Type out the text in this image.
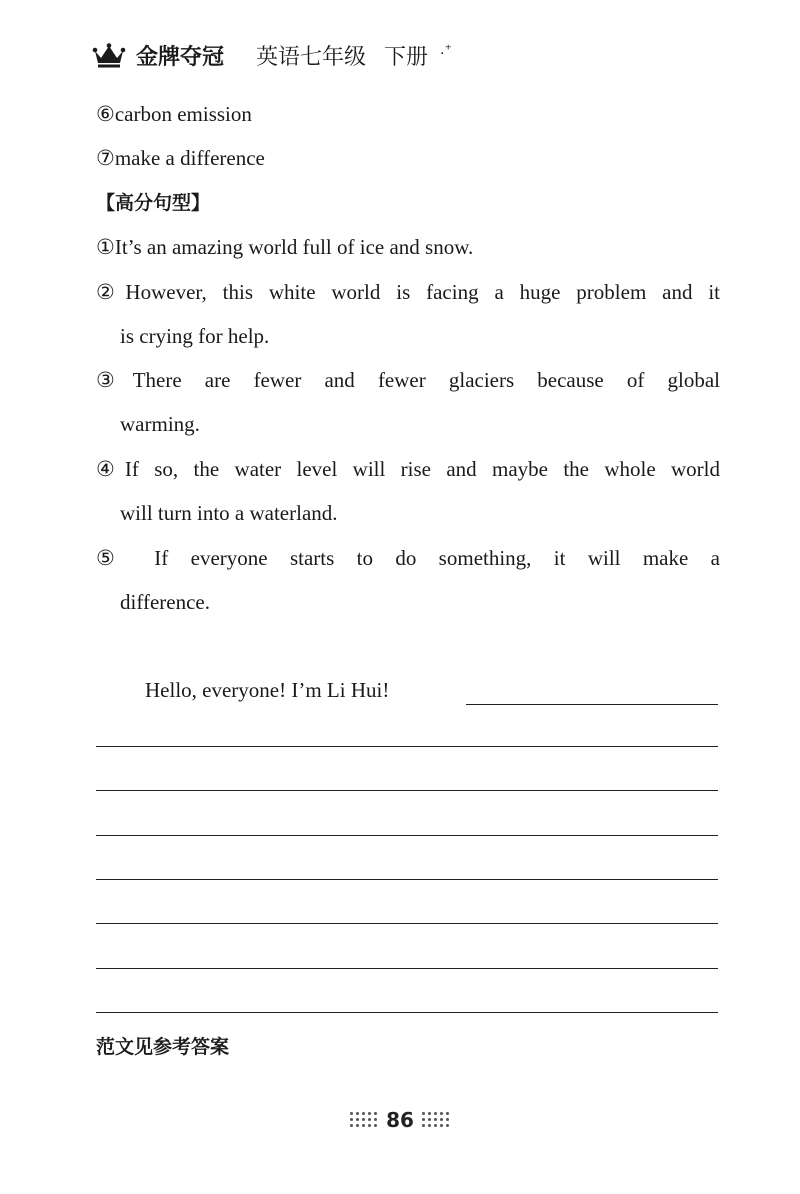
金牌夺冠 英语七年级 下册 .⁺
⑥carbon emission
⑦make a difference
【高分句型】
①It’s an amazing world full of ice and snow.
②However, this white world is facing a huge problem and it
is crying for help.
③There are fewer and fewer glaciers because of global
warming.
④If so, the water level will rise and maybe the whole world
will turn into a waterland.
⑤ If everyone starts to do something, it will make a
difference.
Hello, everyone! I’m Li Hui!
范文见参考答案
86
